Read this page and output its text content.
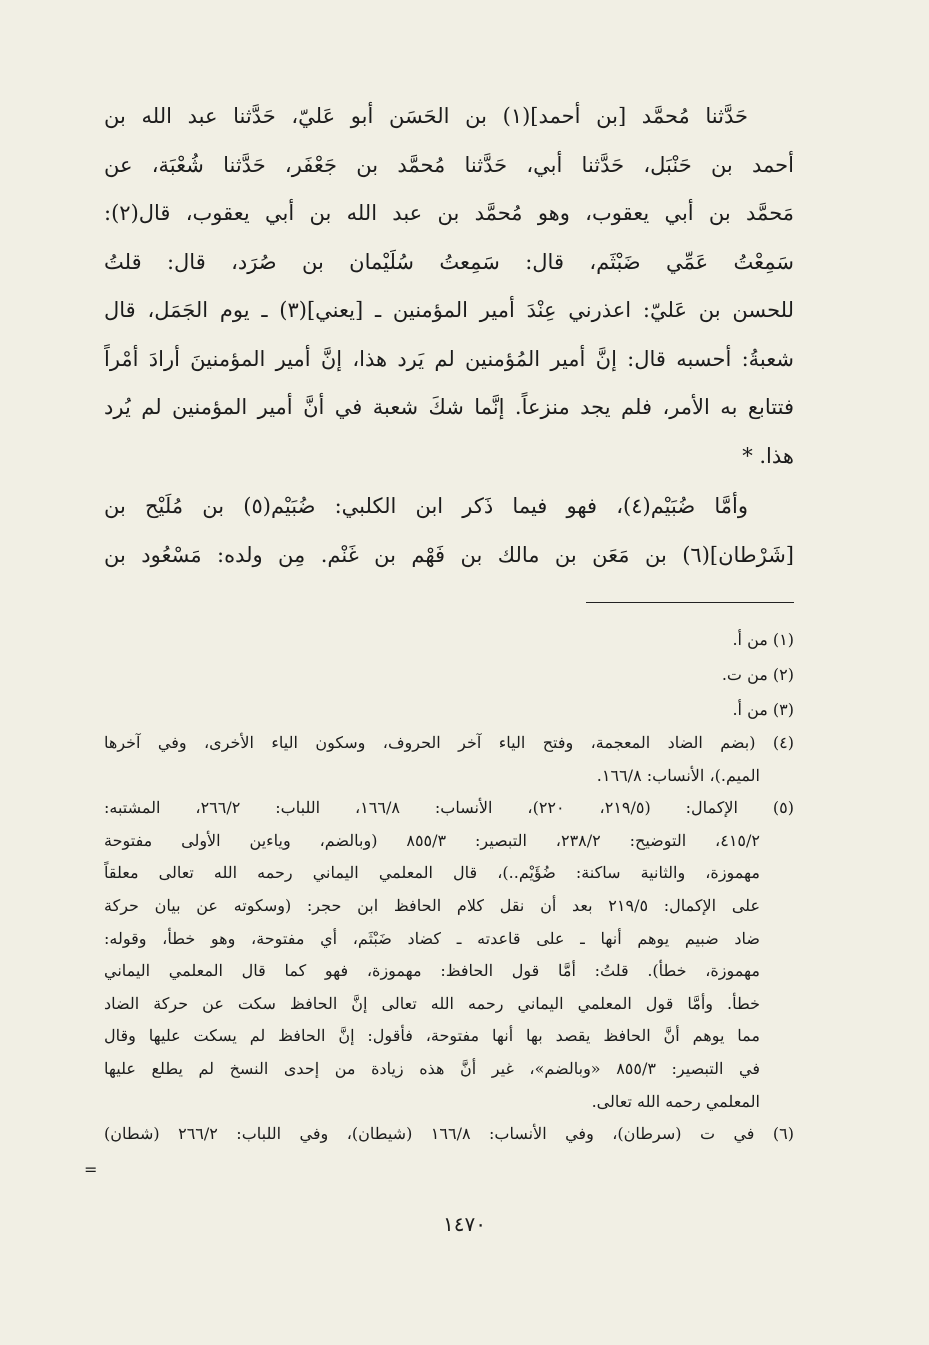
حَدَّثنا مُحمَّد [بن أحمد](١) بن الحَسَن أبو عَليّ، حَدَّثنا عبد الله بن
أحمد بن حَنْبَل، حَدَّثنا أبي، حَدَّثنا مُحمَّد بن جَعْفَر، حَدَّثنا شُعْبَة، عن
مَحمَّد بن أبي يعقوب، وهو مُحمَّد بن عبد الله بن أبي يعقوب، قال(٢):
سَمِعْتُ عَمِّي ضَبْثَم، قال: سَمِعتُ سُلَيْمان بن صُرَد، قال: قلتُ
للحسن بن عَليّ: اعذرني عِنْدَ أمير المؤمنين ـ [يعني](٣) ـ يوم الجَمَل، قال
شعبةُ: أحسبه قال: إنَّ أمير المُؤمنين لم يَرد هذا، إنَّ أمير المؤمنينَ أرادَ أمْراً
فتتابع به الأمر، فلم يجد منزعاً. إنَّما شكَ شعبة في أنَّ أمير المؤمنين لم يُرد
هذا. *
وأمَّا ضُبَيْم(٤)، فهو فيما ذَكر ابن الكلبي: ضُبَيْم(٥) بن مُلَيْح بن
[شَرْطان](٦) بن مَعَن بن مالك بن فَهْم بن غَنْم. مِن ولده: مَسْعُود بن
(١) من أ.
(٢) من ت.
(٣) من أ.
(٤) (بضم الضاد المعجمة، وفتح الياء آخر الحروف، وسكون الياء الأخرى، وفي آخرها
الميم.)، الأنساب: ١٦٦/٨.
(٥) الإكمال: (٢١٩/٥، ٢٢٠)، الأنساب: ١٦٦/٨، اللباب: ٢٦٦/٢، المشتبه:
٤١٥/٢، التوضيح: ٢٣٨/٢، التبصير: ٨٥٥/٣ (وبالضم، وياءين الأولى مفتوحة
مهموزة، والثانية ساكنة: ضُؤَيْم..)، قال المعلمي اليماني رحمه الله تعالى معلقاً
على الإكمال: ٢١٩/٥ بعد أن نقل كلام الحافظ ابن حجر: (وسكوته عن بيان حركة
ضاد ضبيم يوهم أنها ـ على قاعدته ـ كضاد ضَبْثَم، أي مفتوحة، وهو خطأ، وقوله:
مهموزة، خطأ). قلتُ: أمَّا قول الحافظ: مهموزة، فهو كما قال المعلمي اليماني
خطأ. وأمَّا قول المعلمي اليماني رحمه الله تعالى إنَّ الحافظ سكت عن حركة الضاد
مما يوهم أنَّ الحافظ يقصد بها أنها مفتوحة، فأقول: إنَّ الحافظ لم يسكت عليها وقال
في التبصير: ٨٥٥/٣ «وبالضم»، غير أنَّ هذه زيادة من إحدى النسخ لم يطلع عليها
المعلمي رحمه الله تعالى.
(٦) في ت (سرطان)، وفي الأنساب: ١٦٦/٨ (شيطان)، وفي اللباب: ٢٦٦/٢ (شطان)
=
١٤٧٠
